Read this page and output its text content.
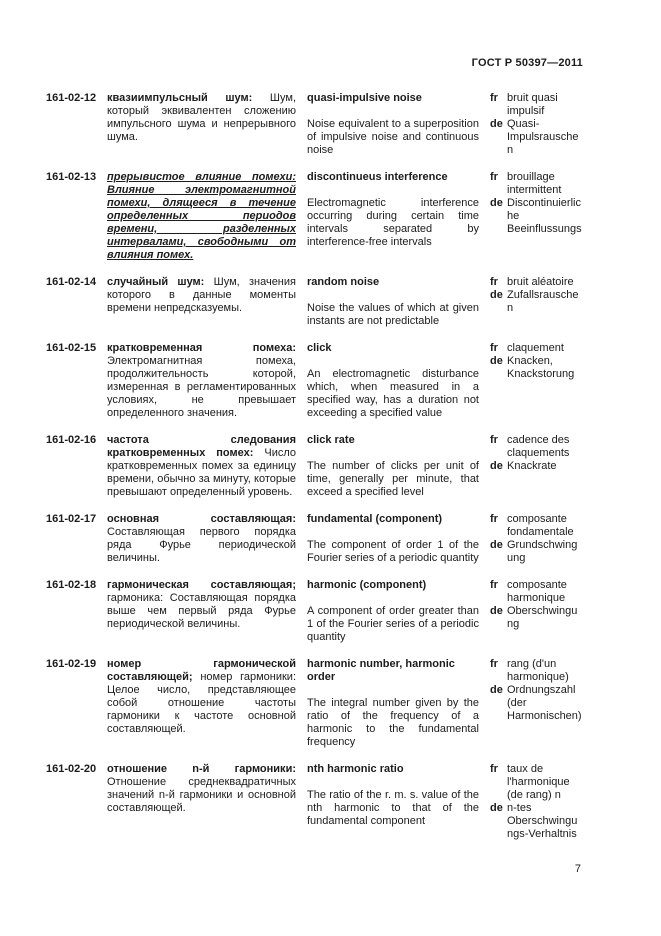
ГОСТ Р 50397—2011
161-02-12 квазиимпульсный шум: Шум, который эквивалентен сложению импульсного шума и непрерывного шума.
quasi-impulsive noise
Noise equivalent to a superposition of impulsive noise and continuous noise
fr bruit quasi impulsif
de Quasi-Impulsrauschen
161-02-13 прерывистое влияние помехи: Влияние электромагнитной помехи, длящееся в течение определенных периодов времени, разделенных интервалами, свободными от влияния помех.
discontinueus interference
Electromagnetic interference occurring during certain time intervals separated by interference-free intervals
fr brouillage intermittent
de Discontinuierliche Beeinflussungs
161-02-14 случайный шум: Шум, значения которого в данные моменты времени непредсказуемы.
random noise
Noise the values of which at given instants are not predictable
fr bruit aléatoire
de Zufallsrauschen
161-02-15 кратковременная помеха: Электромагнитная помеха, продолжительность которой, измеренная в регламентированных условиях, не превышает определенного значения.
click
An electromagnetic disturbance which, when measured in a specified way, has a duration not exceeding a specified value
fr claquement
de Knacken, Knackstorung
161-02-16 частота следования кратковременных помех: Число кратковременных помех за единицу времени, обычно за минуту, которые превышают определенный уровень.
click rate
The number of clicks per unit of time, generally per minute, that exceed a specified level
fr cadence des claquements
de Knackrate
161-02-17 основная составляющая: Составляющая первого порядка ряда Фурье периодической величины.
fundamental (component)
The component of order 1 of the Fourier series of a periodic quantity
fr composante fondamentale
de Grundschwingung
161-02-18 гармоническая составляющая; гармоника: Составляющая порядка выше чем первый ряда Фурье периодической величины.
harmonic (component)
A component of order greater than 1 of the Fourier series of a periodic quantity
fr composante harmonique
de Oberschwingung
161-02-19 номер гармонической составляющей; номер гармоники: Целое число, представляющее собой отношение частоты гармоники к частоте основной составляющей.
harmonic number, harmonic order
The integral number given by the ratio of the frequency of a harmonic to the fundamental frequency
fr rang (d'un harmonique)
de Ordnungszahl (der Harmonischen)
161-02-20 отношение n-й гармоники: Отношение среднеквадратичных значений n-й гармоники и основной составляющей.
nth harmonic ratio
The ratio of the r. m. s. value of the nth harmonic to that of the fundamental component
fr taux de l'harmonique (de rang) n
de n-tes Oberschwingungs-Verhaltnis
7
